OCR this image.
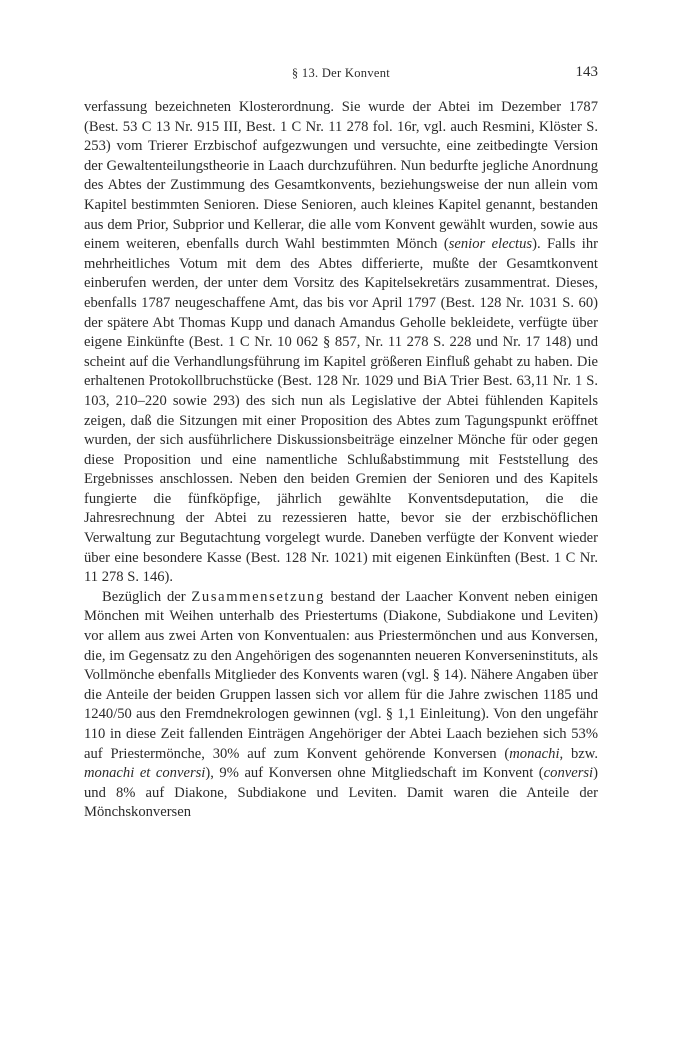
§ 13. Der Konvent	143

verfassung bezeichneten Klosterordnung. Sie wurde der Abtei im Dezember 1787 (Best. 53 C 13 Nr. 915 III, Best. 1 C Nr. 11 278 fol. 16r, vgl. auch Resmini, Klöster S. 253) vom Trierer Erzbischof aufgezwungen und versuchte, eine zeitbedingte Version der Gewaltenteilungstheorie in Laach durchzuführen. Nun bedurfte jegliche Anordnung des Abtes der Zustimmung des Gesamtkonvents, beziehungsweise der nun allein vom Kapitel bestimmten Senioren. Diese Senioren, auch kleines Kapitel genannt, bestanden aus dem Prior, Subprior und Kellerar, die alle vom Konvent gewählt wurden, sowie aus einem weiteren, ebenfalls durch Wahl bestimmten Mönch (senior electus). Falls ihr mehrheitliches Votum mit dem des Abtes differierte, mußte der Gesamtkonvent einberufen werden, der unter dem Vorsitz des Kapitelsekretärs zusammentrat. Dieses, ebenfalls 1787 neugeschaffene Amt, das bis vor April 1797 (Best. 128 Nr. 1031 S. 60) der spätere Abt Thomas Kupp und danach Amandus Geholle bekleidete, verfügte über eigene Einkünfte (Best. 1 C Nr. 10 062 § 857, Nr. 11 278 S. 228 und Nr. 17 148) und scheint auf die Verhandlungsführung im Kapitel größeren Einfluß gehabt zu haben. Die erhaltenen Protokollbruchstücke (Best. 128 Nr. 1029 und BiA Trier Best. 63,11 Nr. 1 S. 103, 210–220 sowie 293) des sich nun als Legislative der Abtei fühlenden Kapitels zeigen, daß die Sitzungen mit einer Proposition des Abtes zum Tagungspunkt eröffnet wurden, der sich ausführlichere Diskussionsbeiträge einzelner Mönche für oder gegen diese Proposition und eine namentliche Schlußabstimmung mit Feststellung des Ergebnisses anschlossen. Neben den beiden Gremien der Senioren und des Kapitels fungierte die fünfköpfige, jährlich gewählte Konventsdeputation, die die Jahresrechnung der Abtei zu rezessieren hatte, bevor sie der erzbischöflichen Verwaltung zur Begutachtung vorgelegt wurde. Daneben verfügte der Konvent wieder über eine besondere Kasse (Best. 128 Nr. 1021) mit eigenen Einkünften (Best. 1 C Nr. 11 278 S. 146).

Bezüglich der Zusammensetzung bestand der Laacher Konvent neben einigen Mönchen mit Weihen unterhalb des Priestertums (Diakone, Subdiakone und Leviten) vor allem aus zwei Arten von Konventualen: aus Priestermönchen und aus Konversen, die, im Gegensatz zu den Angehörigen des sogenannten neueren Konverseninstituts, als Vollmönche ebenfalls Mitglieder des Konvents waren (vgl. § 14). Nähere Angaben über die Anteile der beiden Gruppen lassen sich vor allem für die Jahre zwischen 1185 und 1240/50 aus den Fremdnekrologen gewinnen (vgl. § 1,1 Einleitung). Von den ungefähr 110 in diese Zeit fallenden Einträgen Angehöriger der Abtei Laach beziehen sich 53% auf Priestermönche, 30% auf zum Konvent gehörende Konversen (monachi, bzw. monachi et conversi), 9% auf Konversen ohne Mitgliedschaft im Konvent (conversi) und 8% auf Diakone, Subdiakone und Leviten. Damit waren die Anteile der Mönchskonversen
